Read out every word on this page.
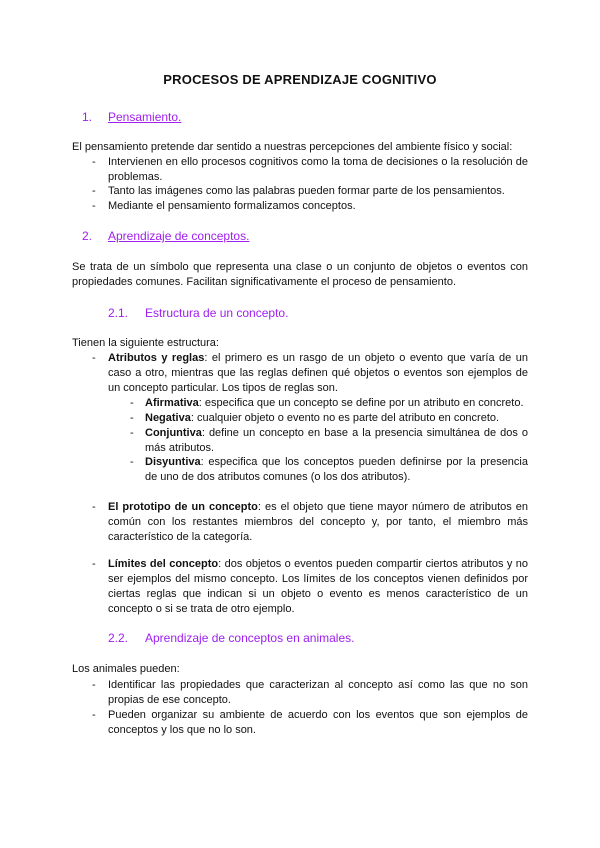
PROCESOS DE APRENDIZAJE COGNITIVO
1. Pensamiento.
El pensamiento pretende dar sentido a nuestras percepciones del ambiente físico y social:
- Intervienen en ello procesos cognitivos como la toma de decisiones o la resolución de problemas.
- Tanto las imágenes como las palabras pueden formar parte de los pensamientos.
- Mediante el pensamiento formalizamos conceptos.
2. Aprendizaje de conceptos.
Se trata de un símbolo que representa una clase o un conjunto de objetos o eventos con propiedades comunes. Facilitan significativamente el proceso de pensamiento.
2.1. Estructura de un concepto.
Tienen la siguiente estructura:
- Atributos y reglas: el primero es un rasgo de un objeto o evento que varía de un caso a otro, mientras que las reglas definen qué objetos o eventos son ejemplos de un concepto particular. Los tipos de reglas son.
- Afirmativa: especifica que un concepto se define por un atributo en concreto.
- Negativa: cualquier objeto o evento no es parte del atributo en concreto.
- Conjuntiva: define un concepto en base a la presencia simultánea de dos o más atributos.
- Disyuntiva: especifica que los conceptos pueden definirse por la presencia de uno de dos atributos comunes (o los dos atributos).
- El prototipo de un concepto: es el objeto que tiene mayor número de atributos en común con los restantes miembros del concepto y, por tanto, el miembro más característico de la categoría.
- Límites del concepto: dos objetos o eventos pueden compartir ciertos atributos y no ser ejemplos del mismo concepto. Los límites de los conceptos vienen definidos por ciertas reglas que indican si un objeto o evento es menos característico de un concepto o si se trata de otro ejemplo.
2.2. Aprendizaje de conceptos en animales.
Los animales pueden:
- Identificar las propiedades que caracterizan al concepto así como las que no son propias de ese concepto.
- Pueden organizar su ambiente de acuerdo con los eventos que son ejemplos de conceptos y los que no lo son.
